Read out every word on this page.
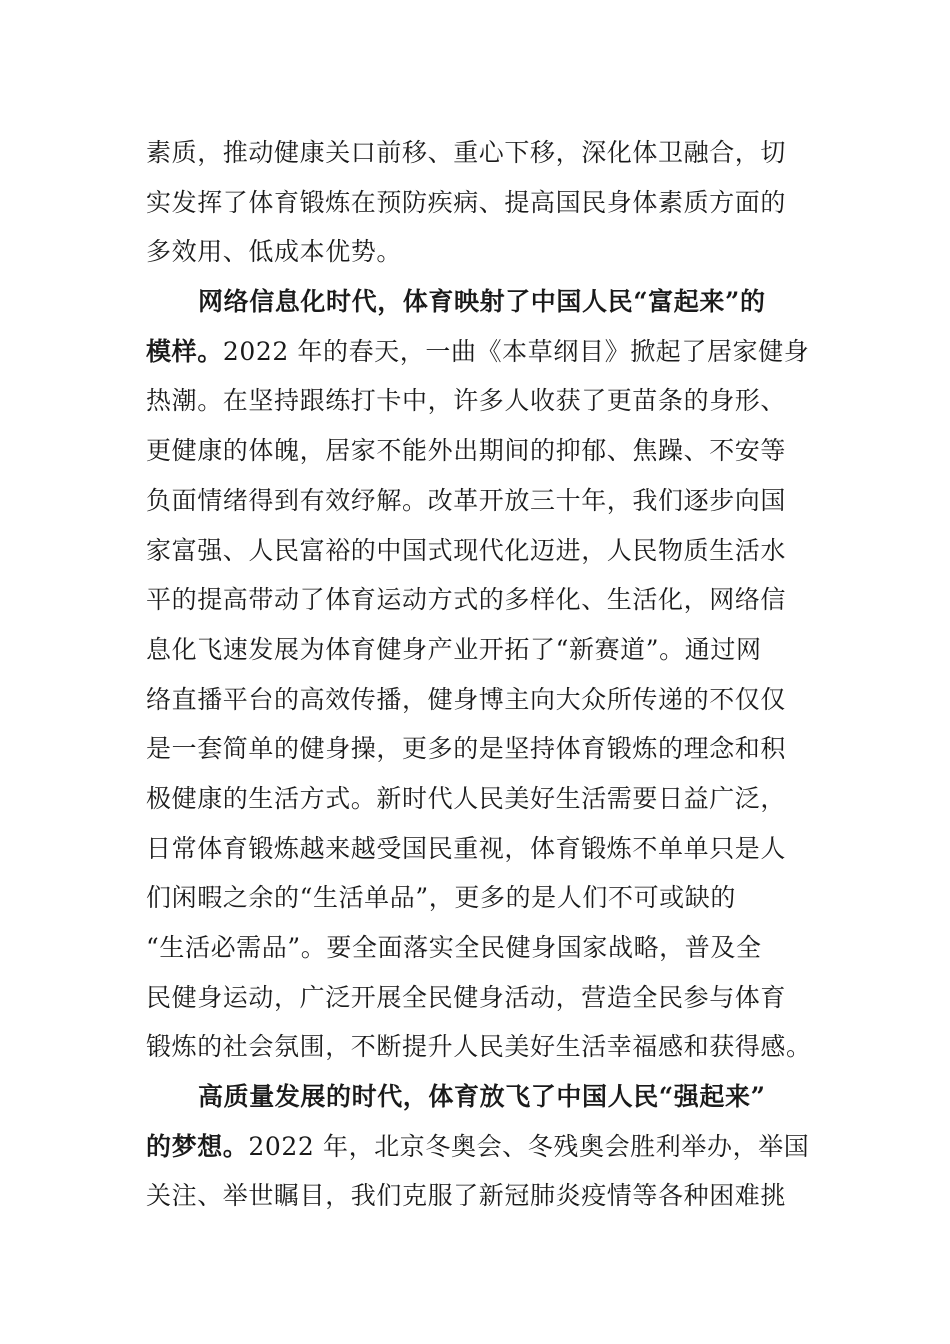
素质，推动健康关口前移、重心下移，深化体卫融合，切
实发挥了体育锻炼在预防疾病、提高国民身体素质方面的
多效用、低成本优势。
网络信息化时代，体育映射了中国人民“富起来”的
模样。2022 年的春天，一曲《本草纲目》掀起了居家健身
热潮。在坚持跟练打卡中，许多人收获了更苗条的身形、
更健康的体魄，居家不能外出期间的抑郁、焦躁、不安等
负面情绪得到有效纾解。改革开放三十年，我们逐步向国
家富强、人民富裕的中国式现代化迈进，人民物质生活水
平的提高带动了体育运动方式的多样化、生活化，网络信
息化飞速发展为体育健身产业开拓了“新赛道”。通过网
络直播平台的高效传播，健身博主向大众所传递的不仅仅
是一套简单的健身操，更多的是坚持体育锻炼的理念和积
极健康的生活方式。新时代人民美好生活需要日益广泛，
日常体育锻炼越来越受国民重视，体育锻炼不单单只是人
们闲暇之余的“生活单品”，更多的是人们不可或缺的
“生活必需品”。要全面落实全民健身国家战略，普及全
民健身运动，广泛开展全民健身活动，营造全民参与体育
锻炼的社会氛围，不断提升人民美好生活幸福感和获得感。
高质量发展的时代，体育放飞了中国人民“强起来”
的梦想。2022 年，北京冬奥会、冬残奥会胜利举办，举国
关注、举世瞩目，我们克服了新冠肺炎疫情等各种困难挑
